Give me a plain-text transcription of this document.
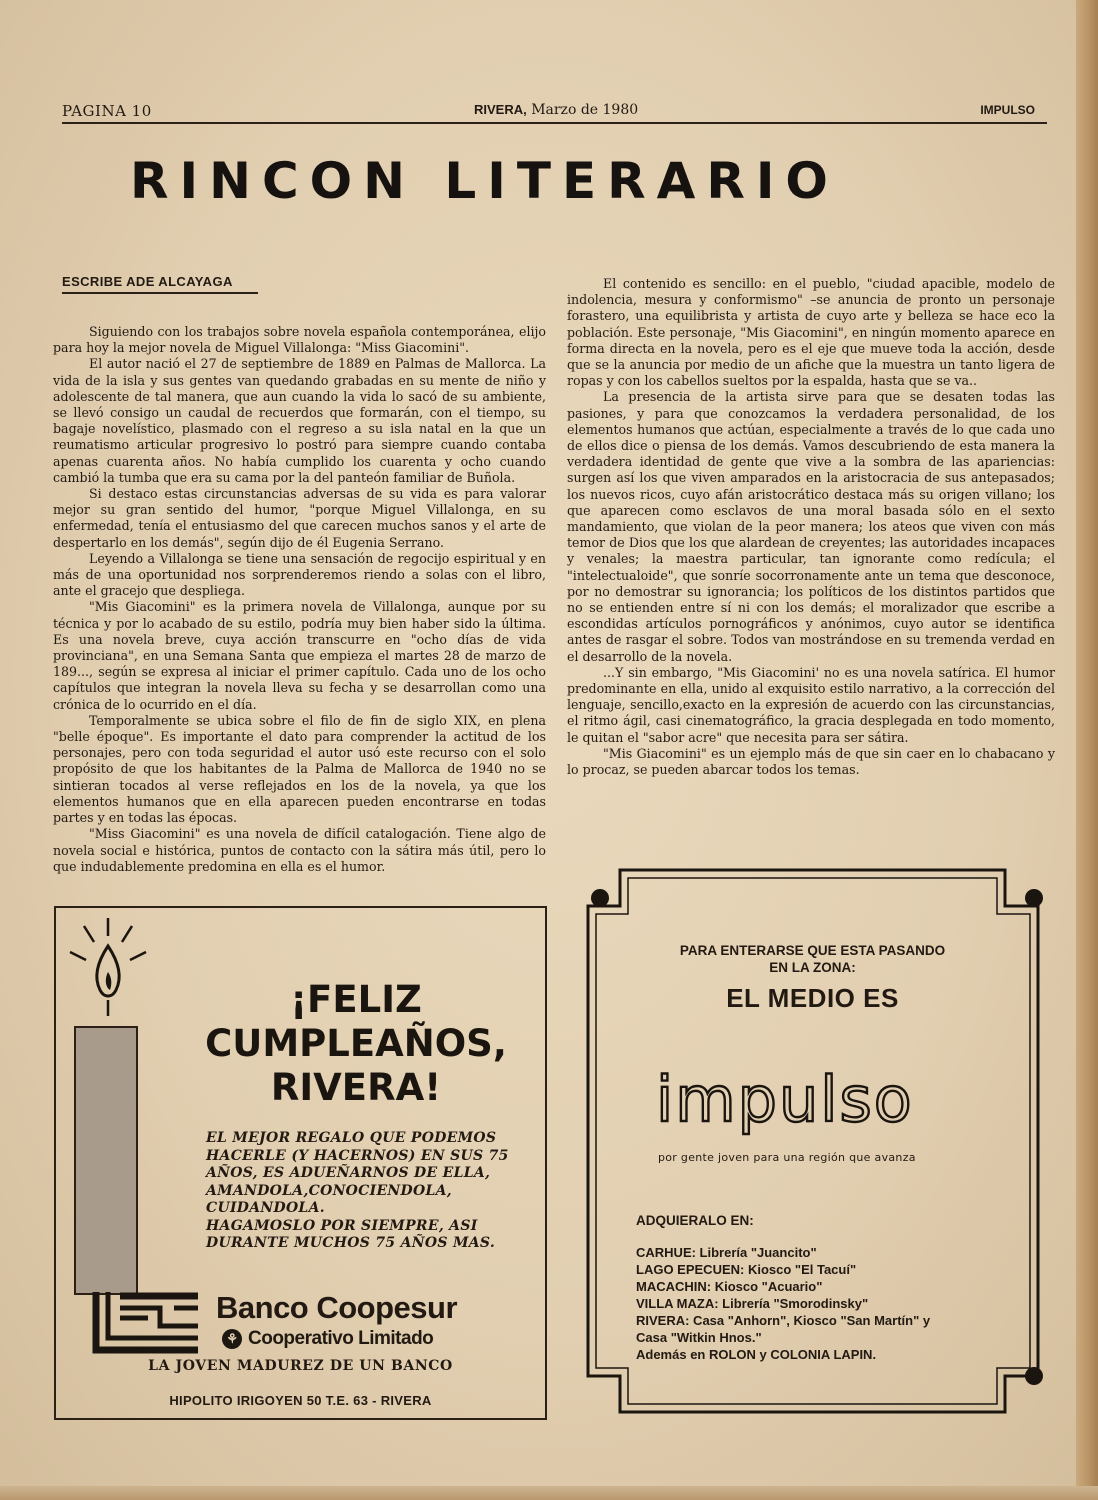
PAGINA 10	RIVERA, Marzo de 1980	IMPULSO
RINCON LITERARIO
ESCRIBE ADE ALCAYAGA

Siguiendo con los trabajos sobre novela española contemporánea, elijo para hoy la mejor novela de Miguel Villalonga: "Miss Giacomini".

El autor nació el 27 de septiembre de 1889 en Palmas de Mallorca. La vida de la isla y sus gentes van quedando grabadas en su mente de niño y adolescente de tal manera, que aun cuando la vida lo sacó de su ambiente, se llevó consigo un caudal de recuerdos que formarán, con el tiempo, su bagaje novelístico, plasmado con el regreso a su isla natal en la que un reumatismo articular progresivo lo postró para siempre cuando contaba apenas cuarenta años. No había cumplido los cuarenta y ocho cuando cambió la tumba que era su cama por la del panteón familiar de Buñola.

Si destaco estas circunstancias adversas de su vida es para valorar mejor su gran sentido del humor, "porque Miguel Villalonga, en su enfermedad, tenía el entusiasmo del que carecen muchos sanos y el arte de despertarlo en los demás", según dijo de él Eugenia Serrano.

Leyendo a Villalonga se tiene una sensación de regocijo espiritual y en más de una oportunidad nos sorprenderemos riendo a solas con el libro, ante el gracejo que despliega.

"Mis Giacomini" es la primera novela de Villalonga, aunque por su técnica y por lo acabado de su estilo, podría muy bien haber sido la última. Es una novela breve, cuya acción transcurre en "ocho días de vida provinciana", en una Semana Santa que empieza el martes 28 de marzo de 189..., según se expresa al iniciar el primer capítulo. Cada uno de los ocho capítulos que integran la novela lleva su fecha y se desarrollan como una crónica de lo ocurrido en el día.

Temporalmente se ubica sobre el filo de fin de siglo XIX, en plena "belle époque". Es importante el dato para comprender la actitud de los personajes, pero con toda seguridad el autor usó este recurso con el solo propósito de que los habitantes de la Palma de Mallorca de 1940 no se sintieran tocados al verse reflejados en los de la novela, ya que los elementos humanos que en ella aparecen pueden encontrarse en todas partes y en todas las épocas.

"Miss Giacomini" es una novela de difícil catalogación. Tiene algo de novela social e histórica, puntos de contacto con la sátira más útil, pero lo que indudablemente predomina en ella es el humor.

El contenido es sencillo: en el pueblo, "ciudad apacible, modelo de indolencia, mesura y conformismo" –se anuncia de pronto un personaje forastero, una equilibrista y artista de cuyo arte y belleza se hace eco la población. Este personaje, "Mis Giacomini", en ningún momento aparece en forma directa en la novela, pero es el eje que mueve toda la acción, desde que se la anuncia por medio de un afiche que la muestra un tanto ligera de ropas y con los cabellos sueltos por la espalda, hasta que se va..

La presencia de la artista sirve para que se desaten todas las pasiones, y para que conozcamos la verdadera personalidad, de los elementos humanos que actúan, especialmente a través de lo que cada uno de ellos dice o piensa de los demás. Vamos descubriendo de esta manera la verdadera identidad de gente que vive a la sombra de las apariencias: surgen así los que viven amparados en la aristocracia de sus antepasados; los nuevos ricos, cuyo afán aristocrático destaca más su origen villano; los que aparecen como esclavos de una moral basada sólo en el sexto mandamiento, que violan de la peor manera; los ateos que viven con más temor de Dios que los que alardean de creyentes; las autoridades incapaces y venales; la maestra particular, tan ignorante como redícula; el "intelectualoide", que sonríe socorronamente ante un tema que desconoce, por no demostrar su ignorancia; los políticos de los distintos partidos que no se entienden entre sí ni con los demás; el moralizador que escribe a escondidas artículos pornográficos y anónimos, cuyo autor se identifica antes de rasgar el sobre. Todos van mostrándose en su tremenda verdad en el desarrollo de la novela.

...Y sin embargo, "Mis Giacomini' no es una novela satírica. El humor predominante en ella, unido al exquisito estilo narrativo, a la corrección del lenguaje, sencillo,exacto en la expresión de acuerdo con las circunstancias, el ritmo ágil, casi cinematográfico, la gracia desplegada en todo momento, le quitan el "sabor acre" que necesita para ser sátira.

"Mis Giacomini" es un ejemplo más de que sin caer en lo chabacano y lo procaz, se pueden abarcar todos los temas.

¡FELIZ
CUMPLEAÑOS,
RIVERA!
EL MEJOR REGALO QUE PODEMOS
HACERLE (Y HACERNOS) EN SUS 75
AÑOS, ES ADUEÑARNOS DE ELLA,
AMANDOLA,CONOCIENDOLA,
CUIDANDOLA.
HAGAMOSLO POR SIEMPRE, ASI
DURANTE MUCHOS 75 AÑOS MAS.
Banco Coopesur
⚘ Cooperativo Limitado
LA JOVEN MADUREZ DE UN BANCO
HIPOLITO IRIGOYEN 50 T.E. 63 - RIVERA
PARA ENTERARSE QUE ESTA PASANDO
EN LA ZONA:
EL MEDIO ES
impulso
por gente joven para una región que avanza
ADQUIERALO EN:
CARHUE: Librería "Juancito"
LAGO EPECUEN: Kiosco "El Tacuí"
MACACHIN: Kiosco "Acuario"
VILLA MAZA: Librería "Smorodinsky"
RIVERA: Casa "Anhorn", Kiosco "San Martín" y
Casa "Witkin Hnos."
Además en ROLON y COLONIA LAPIN.
